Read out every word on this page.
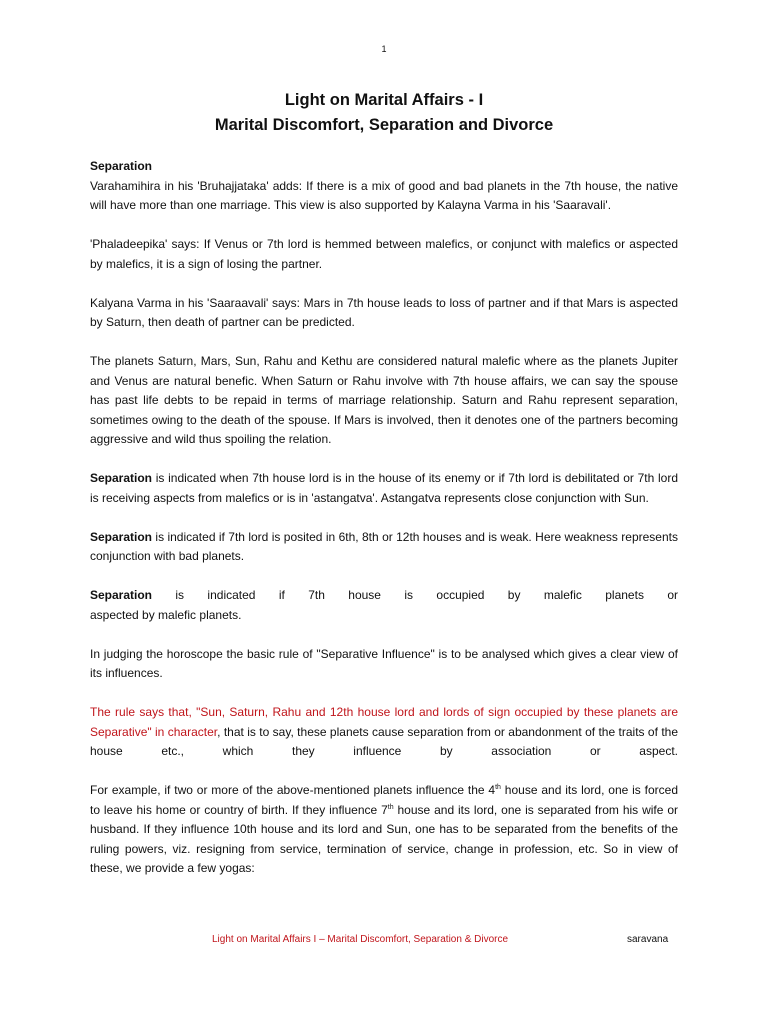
1
Light on Marital Affairs - I
Marital Discomfort, Separation and Divorce

Separation

Varahamihira in his 'Bruhajjataka' adds: If there is a mix of good and bad planets in the 7th house, the native will have more than one marriage. This view is also supported by Kalayna Varma in his 'Saaravali'.

'Phaladeepika' says: If Venus or 7th lord is hemmed between malefics, or conjunct with malefics or aspected by malefics, it is a sign of losing the partner.

Kalyana Varma in his 'Saaraavali' says: Mars in 7th house leads to loss of partner and if that Mars is aspected by Saturn, then death of partner can be predicted.

The planets Saturn, Mars, Sun, Rahu and Kethu are considered natural malefic where as the planets Jupiter and Venus are natural benefic. When Saturn or Rahu involve with 7th house affairs, we can say the spouse has past life debts to be repaid in terms of marriage relationship. Saturn and Rahu represent separation, sometimes owing to the death of the spouse. If Mars is involved, then it denotes one of the partners becoming aggressive and wild thus spoiling the relation.

Separation is indicated when 7th house lord is in the house of its enemy or if 7th lord is debilitated or 7th lord is receiving aspects from malefics or is in 'astangatva'. Astangatva represents close conjunction with Sun.

Separation is indicated if 7th lord is posited in 6th, 8th or 12th houses and is weak. Here weakness represents conjunction with bad planets.

Separation is indicated if 7th house is occupied by malefic planets or

aspected by malefic planets.

In judging the horoscope the basic rule of "Separative Influence" is to be analysed which gives a clear view of its influences.

The rule says that, "Sun, Saturn, Rahu and 12th house lord and lords of sign occupied by these planets are Separative" in character, that is to say, these planets cause separation from or abandonment of the traits of the house etc., which they influence by association or aspect.

For example, if two or more of the above-mentioned planets influence the 4th house and its lord, one is forced to leave his home or country of birth. If they influence 7th house and its lord, one is separated from his wife or husband. If they influence 10th house and its lord and Sun, one has to be separated from the benefits of the ruling powers, viz. resigning from service, termination of service, change in profession, etc. So in view of these, we provide a few yogas:

Light on Marital Affairs I – Marital Discomfort, Separation & Divorce	saravana
